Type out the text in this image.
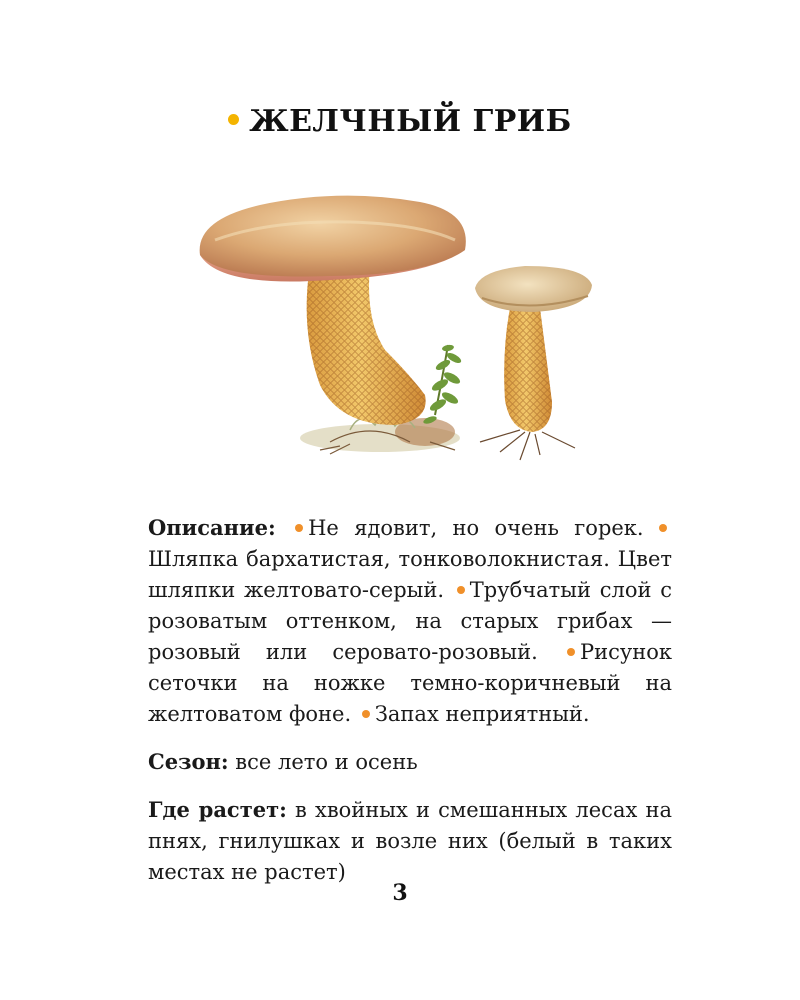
ЖЕЛЧНЫЙ ГРИБ

Описание: Не ядовит, но очень горек. Шляпка бархатистая, тонковолокнистая. Цвет шляпки желтовато-серый. Трубчатый слой с розоватым оттенком, на старых грибах — розовый или серовато-розовый. Рисунок сеточки на ножке темно-коричневый на желтоватом фоне. Запах неприятный.

Сезон: все лето и осень

Где растет: в хвойных и смешанных лесах на пнях, гнилушках и возле них (белый в таких местах не растет)

3
